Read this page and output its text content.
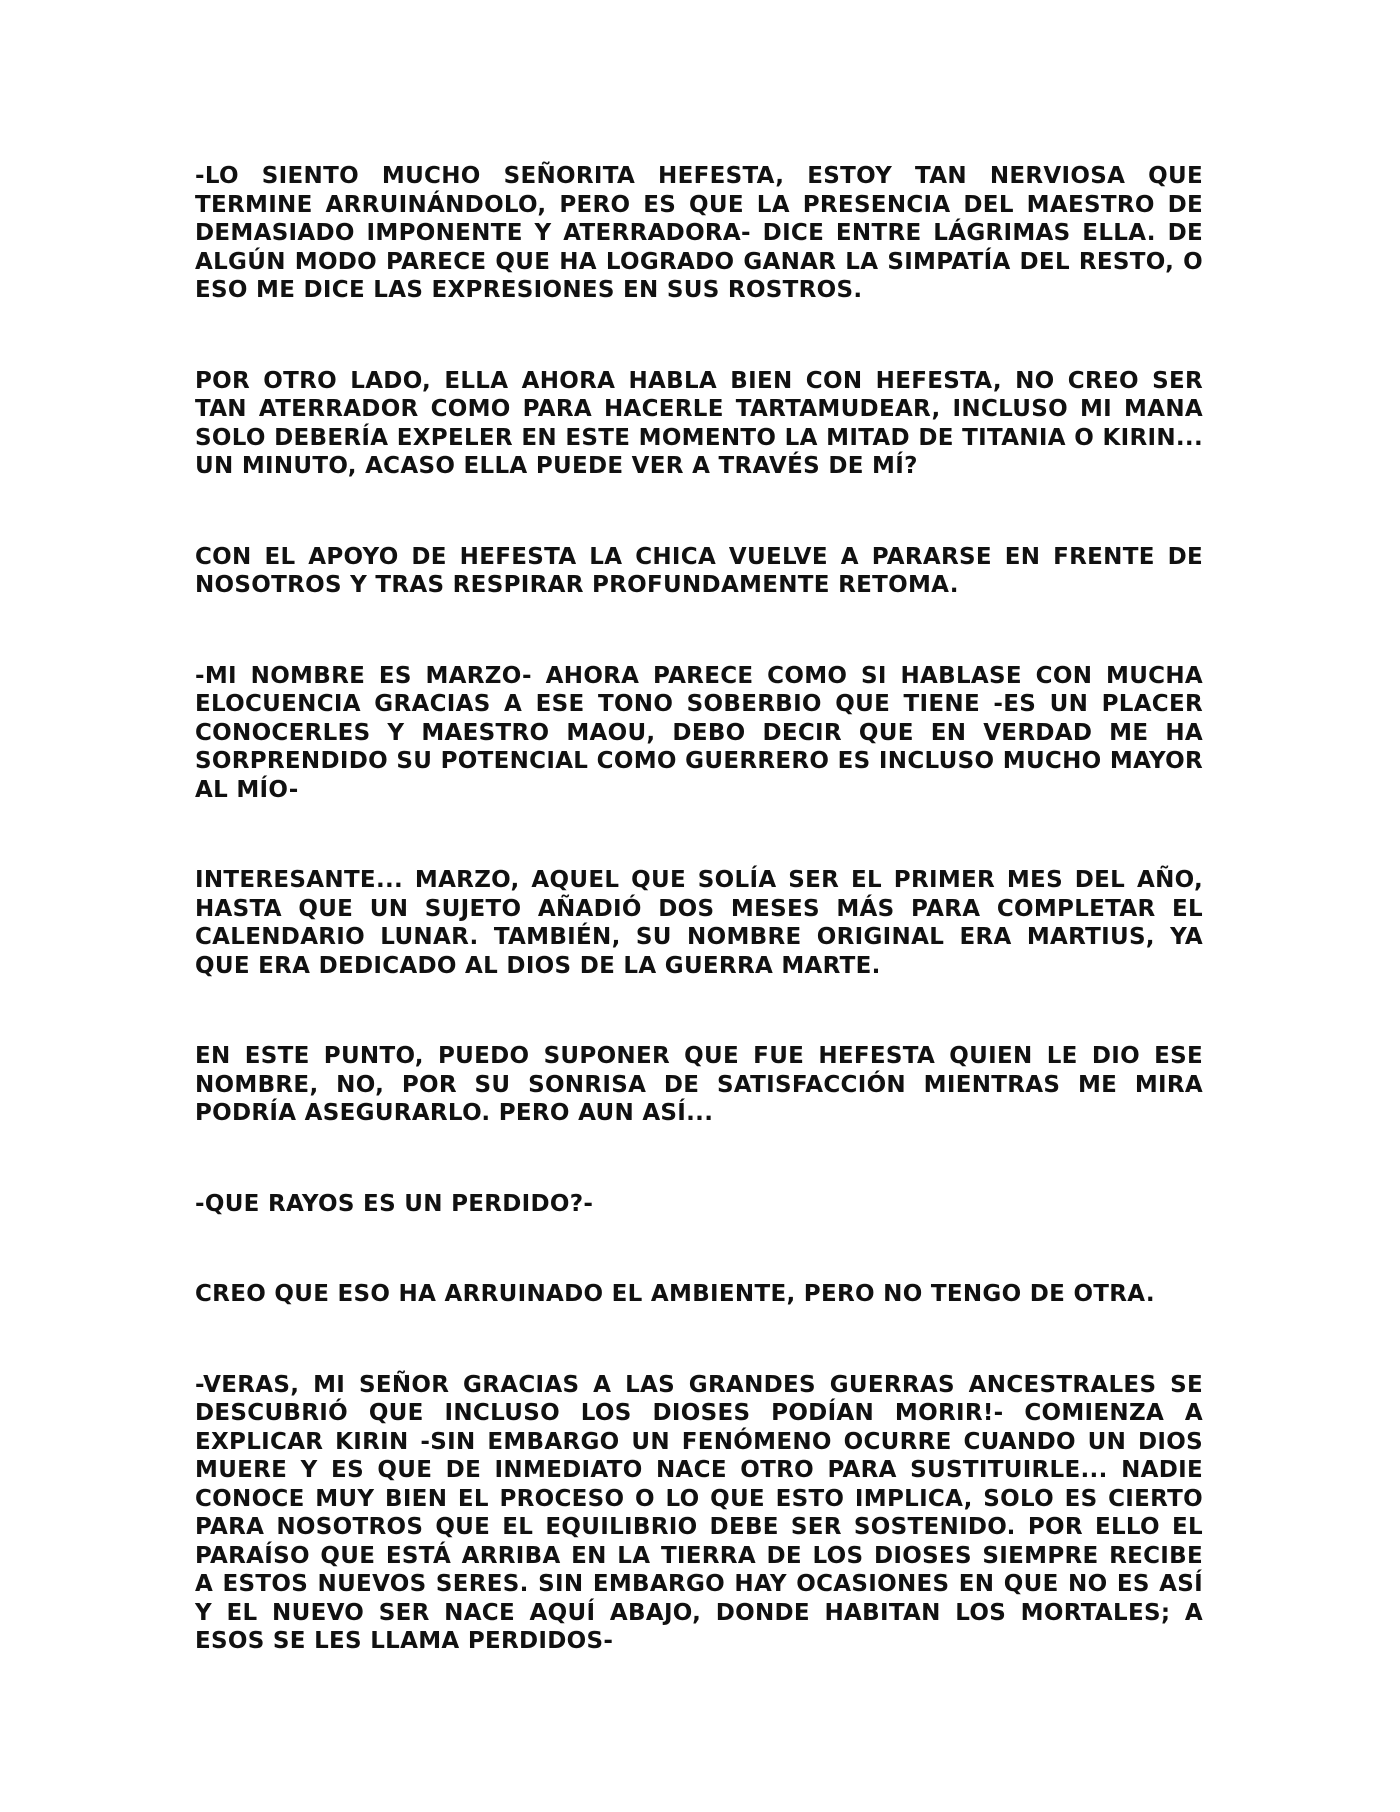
-LO SIENTO MUCHO SEÑORITA HEFESTA, ESTOY TAN NERVIOSA QUE TERMINE ARRUINÁNDOLO, PERO ES QUE LA PRESENCIA DEL MAESTRO DE DEMASIADO IMPONENTE Y ATERRADORA- DICE ENTRE LÁGRIMAS ELLA. DE ALGÚN MODO PARECE QUE HA LOGRADO GANAR LA SIMPATÍA DEL RESTO, O ESO ME DICE LAS EXPRESIONES EN SUS ROSTROS.

POR OTRO LADO, ELLA AHORA HABLA BIEN CON HEFESTA, NO CREO SER TAN ATERRADOR COMO PARA HACERLE TARTAMUDEAR, INCLUSO MI MANA SOLO DEBERÍA EXPELER EN ESTE MOMENTO LA MITAD DE TITANIA O KIRIN... UN MINUTO, ACASO ELLA PUEDE VER A TRAVÉS DE MÍ?

CON EL APOYO DE HEFESTA LA CHICA VUELVE A PARARSE EN FRENTE DE NOSOTROS Y TRAS RESPIRAR PROFUNDAMENTE RETOMA.

-MI NOMBRE ES MARZO- AHORA PARECE COMO SI HABLASE CON MUCHA ELOCUENCIA GRACIAS A ESE TONO SOBERBIO QUE TIENE -ES UN PLACER CONOCERLES Y MAESTRO MAOU, DEBO DECIR QUE EN VERDAD ME HA SORPRENDIDO SU POTENCIAL COMO GUERRERO ES INCLUSO MUCHO MAYOR AL MÍO-

INTERESANTE... MARZO, AQUEL QUE SOLÍA SER EL PRIMER MES DEL AÑO, HASTA QUE UN SUJETO AÑADIÓ DOS MESES MÁS PARA COMPLETAR EL CALENDARIO LUNAR. TAMBIÉN, SU NOMBRE ORIGINAL ERA MARTIUS, YA QUE ERA DEDICADO AL DIOS DE LA GUERRA MARTE.

EN ESTE PUNTO, PUEDO SUPONER QUE FUE HEFESTA QUIEN LE DIO ESE NOMBRE, NO, POR SU SONRISA DE SATISFACCIÓN MIENTRAS ME MIRA PODRÍA ASEGURARLO. PERO AUN ASÍ...

-QUE RAYOS ES UN PERDIDO?-

CREO QUE ESO HA ARRUINADO EL AMBIENTE, PERO NO TENGO DE OTRA.

-VERAS, MI SEÑOR GRACIAS A LAS GRANDES GUERRAS ANCESTRALES SE DESCUBRIÓ QUE INCLUSO LOS DIOSES PODÍAN MORIR!- COMIENZA A EXPLICAR KIRIN -SIN EMBARGO UN FENÓMENO OCURRE CUANDO UN DIOS MUERE Y ES QUE DE INMEDIATO NACE OTRO PARA SUSTITUIRLE... NADIE CONOCE MUY BIEN EL PROCESO O LO QUE ESTO IMPLICA, SOLO ES CIERTO PARA NOSOTROS QUE EL EQUILIBRIO DEBE SER SOSTENIDO. POR ELLO EL PARAÍSO QUE ESTÁ ARRIBA EN LA TIERRA DE LOS DIOSES SIEMPRE RECIBE A ESTOS NUEVOS SERES. SIN EMBARGO HAY OCASIONES EN QUE NO ES ASÍ Y EL NUEVO SER NACE AQUÍ ABAJO, DONDE HABITAN LOS MORTALES; A ESOS SE LES LLAMA PERDIDOS-
